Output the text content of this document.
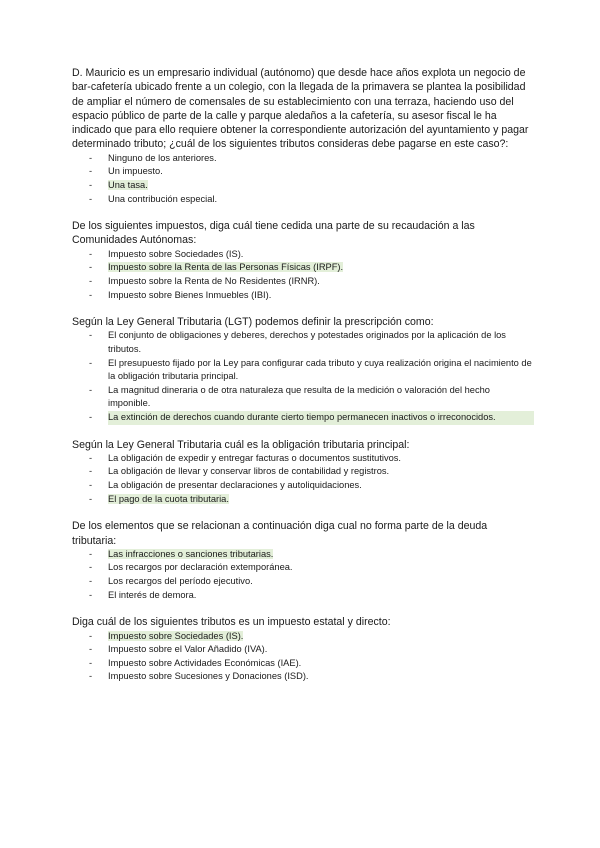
D. Mauricio es un empresario individual (autónomo) que desde hace años explota un negocio de bar-cafetería ubicado frente a un colegio, con la llegada de la primavera se plantea la posibilidad de ampliar el número de comensales de su establecimiento con una terraza, haciendo uso del espacio público de parte de la calle y parque aledaños a la cafetería, su asesor fiscal le ha indicado que para ello requiere obtener la correspondiente autorización del ayuntamiento y pagar determinado tributo; ¿cuál de los siguientes tributos consideras debe pagarse en este caso?:

- Ninguno de los anteriores.
- Un impuesto.
- Una tasa.
- Una contribución especial.

De los siguientes impuestos, diga cuál tiene cedida una parte de su recaudación a las Comunidades Autónomas:

- Impuesto sobre Sociedades (IS).
- Impuesto sobre la Renta de las Personas Físicas (IRPF).
- Impuesto sobre la Renta de No Residentes (IRNR).
- Impuesto sobre Bienes Inmuebles (IBI).

Según la Ley General Tributaria (LGT) podemos definir la prescripción como:

- El conjunto de obligaciones y deberes, derechos y potestades originados por la aplicación de los tributos.
- El presupuesto fijado por la Ley para configurar cada tributo y cuya realización origina el nacimiento de la obligación tributaria principal.
- La magnitud dineraria o de otra naturaleza que resulta de la medición o valoración del hecho imponible.
- La extinción de derechos cuando durante cierto tiempo permanecen inactivos o irreconocidos.

Según la Ley General Tributaria cuál es la obligación tributaria principal:

- La obligación de expedir y entregar facturas o documentos sustitutivos.
- La obligación de llevar y conservar libros de contabilidad y registros.
- La obligación de presentar declaraciones y autoliquidaciones.
- El pago de la cuota tributaria.

De los elementos que se relacionan a continuación diga cual no forma parte de la deuda tributaria:

- Las infracciones o sanciones tributarias.
- Los recargos por declaración extemporánea.
- Los recargos del período ejecutivo.
- El interés de demora.

Diga cuál de los siguientes tributos es un impuesto estatal y directo:

- Impuesto sobre Sociedades (IS).
- Impuesto sobre el Valor Añadido (IVA).
- Impuesto sobre Actividades Económicas (IAE).
- Impuesto sobre Sucesiones y Donaciones (ISD).
